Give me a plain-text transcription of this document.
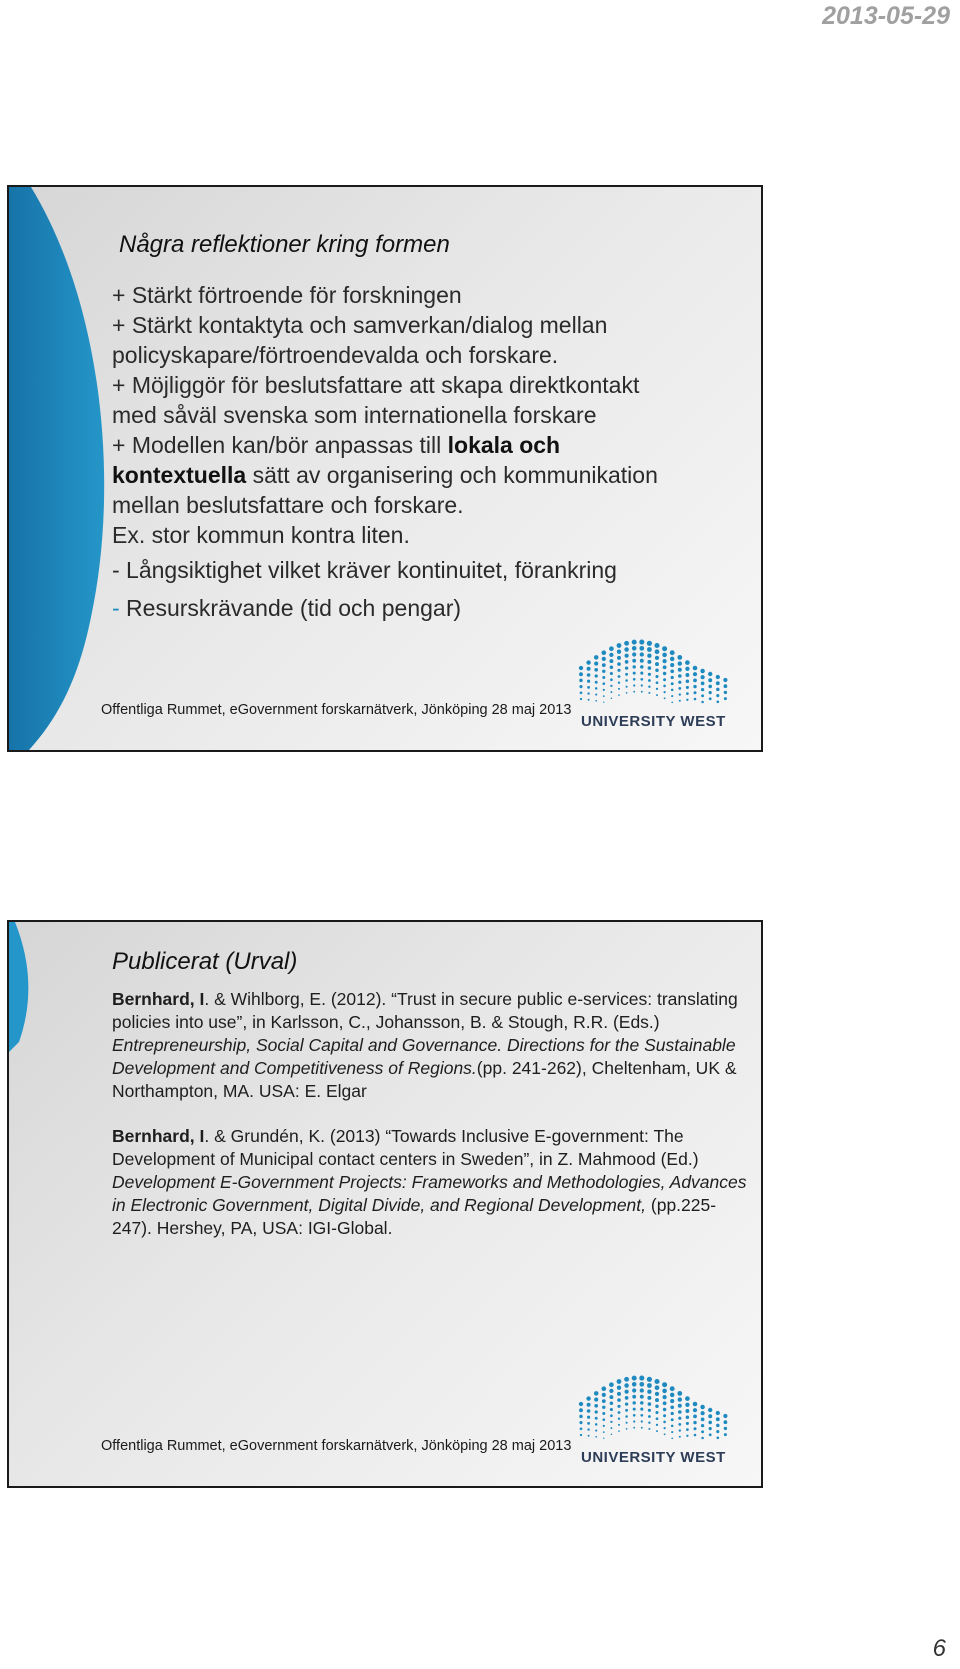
2013-05-29
Några reflektioner kring formen

+ Stärkt förtroende för forskningen

+ Stärkt kontaktyta och samverkan/dialog mellan

policyskapare/förtroendevalda och forskare.

+ Möjliggör för beslutsfattare att skapa direktkontakt

med såväl svenska som internationella forskare

+ Modellen kan/bör anpassas till lokala och

kontextuella sätt av organisering och kommunikation

mellan beslutsfattare och forskare.

Ex. stor kommun kontra liten.

- Långsiktighet vilket kräver kontinuitet, förankring

- Resurskrävande (tid och pengar)

Offentliga Rummet, eGovernment forskarnätverk, Jönköping 28 maj 2013
UNIVERSITY WEST
Publicerat (Urval)

Bernhard, I. & Wihlborg, E. (2012). “Trust in secure public e-services: translating policies into use”, in Karlsson, C., Johansson, B. & Stough, R.R. (Eds.) Entrepreneurship, Social Capital and Governance. Directions for the Sustainable Development and Competitiveness of Regions.(pp. 241-262), Cheltenham, UK & Northampton, MA. USA: E. Elgar

Bernhard, I. & Grundén, K. (2013) “Towards Inclusive E-government: The Development of Municipal contact centers in Sweden”, in Z. Mahmood (Ed.) Development E-Government Projects: Frameworks and Methodologies, Advances in Electronic Government, Digital Divide, and Regional Development, (pp.225-247). Hershey, PA, USA: IGI-Global.

Offentliga Rummet, eGovernment forskarnätverk, Jönköping 28 maj 2013
UNIVERSITY WEST
6
